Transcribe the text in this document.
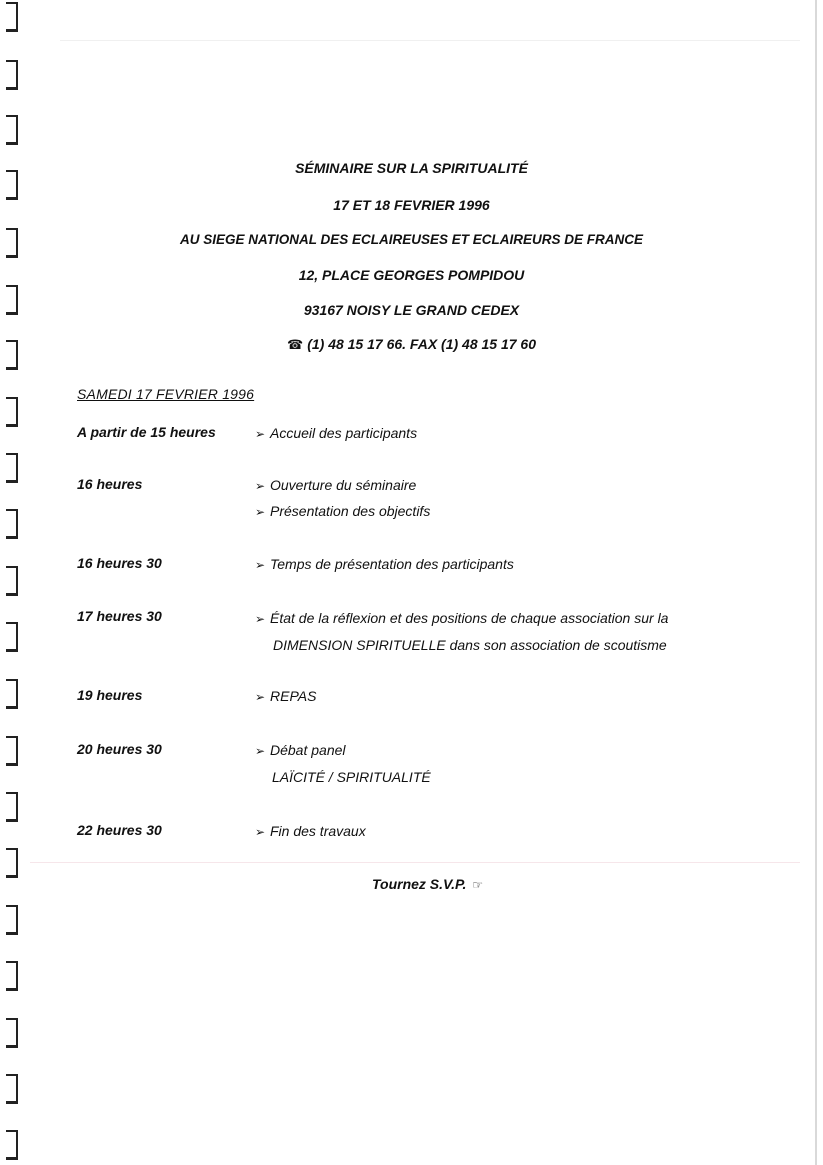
SÉMINAIRE SUR LA SPIRITUALITÉ
17 ET 18 FEVRIER 1996
AU SIEGE NATIONAL DES ECLAIREUSES ET ECLAIREURS DE FRANCE
12, PLACE GEORGES POMPIDOU
93167 NOISY LE GRAND CEDEX
☎ (1) 48 15 17 66. FAX (1) 48 15 17 60
SAMEDI 17 FEVRIER 1996
A partir de 15 heures	➢ Accueil des participants
16 heures	➢ Ouverture du séminaire
➢ Présentation des objectifs
16 heures 30	➢ Temps de présentation des participants
17 heures 30	➢ État de la réflexion et des positions de chaque association sur la
DIMENSION SPIRITUELLE dans son association de scoutisme
19 heures	➢ REPAS
20 heures 30	➢ Débat panel
LAÏCITÉ / SPIRITUALITÉ
22 heures 30	➢ Fin des travaux
Tournez S.V.P. ☞
